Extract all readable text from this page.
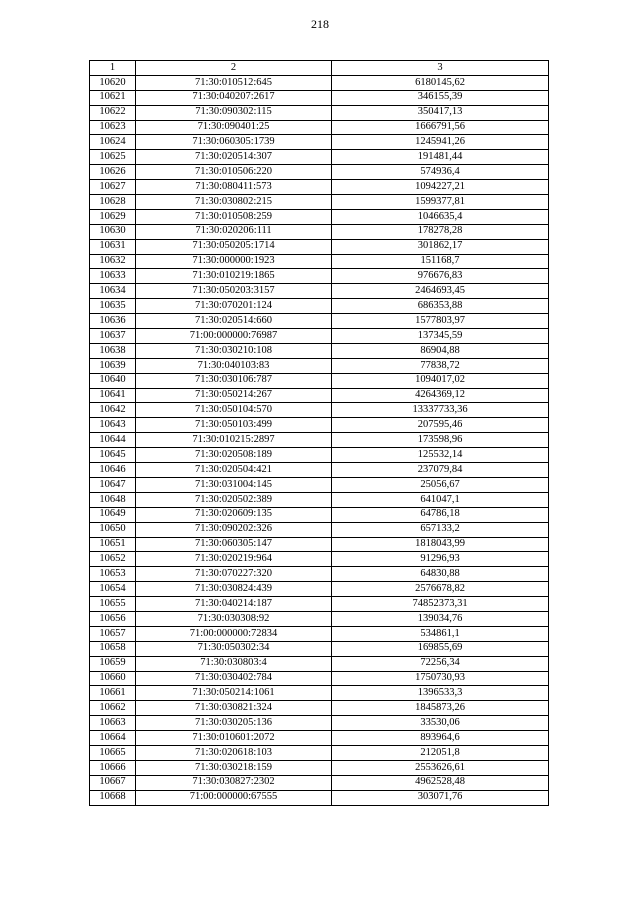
218
1	2	3
10620	71:30:010512:645	6180145,62
10621	71:30:040207:2617	346155,39
10622	71:30:090302:115	350417,13
10623	71:30:090401:25	1666791,56
10624	71:30:060305:1739	1245941,26
10625	71:30:020514:307	191481,44
10626	71:30:010506:220	574936,4
10627	71:30:080411:573	1094227,21
10628	71:30:030802:215	1599377,81
10629	71:30:010508:259	1046635,4
10630	71:30:020206:111	178278,28
10631	71:30:050205:1714	301862,17
10632	71:30:000000:1923	151168,7
10633	71:30:010219:1865	976676,83
10634	71:30:050203:3157	2464693,45
10635	71:30:070201:124	686353,88
10636	71:30:020514:660	1577803,97
10637	71:00:000000:76987	137345,59
10638	71:30:030210:108	86904,88
10639	71:30:040103:83	77838,72
10640	71:30:030106:787	1094017,02
10641	71:30:050214:267	4264369,12
10642	71:30:050104:570	13337733,36
10643	71:30:050103:499	207595,46
10644	71:30:010215:2897	173598,96
10645	71:30:020508:189	125532,14
10646	71:30:020504:421	237079,84
10647	71:30:031004:145	25056,67
10648	71:30:020502:389	641047,1
10649	71:30:020609:135	64786,18
10650	71:30:090202:326	657133,2
10651	71:30:060305:147	1818043,99
10652	71:30:020219:964	91296,93
10653	71:30:070227:320	64830,88
10654	71:30:030824:439	2576678,82
10655	71:30:040214:187	74852373,31
10656	71:30:030308:92	139034,76
10657	71:00:000000:72834	534861,1
10658	71:30:050302:34	169855,69
10659	71:30:030803:4	72256,34
10660	71:30:030402:784	1750730,93
10661	71:30:050214:1061	1396533,3
10662	71:30:030821:324	1845873,26
10663	71:30:030205:136	33530,06
10664	71:30:010601:2072	893964,6
10665	71:30:020618:103	212051,8
10666	71:30:030218:159	2553626,61
10667	71:30:030827:2302	4962528,48
10668	71:00:000000:67555	303071,76
